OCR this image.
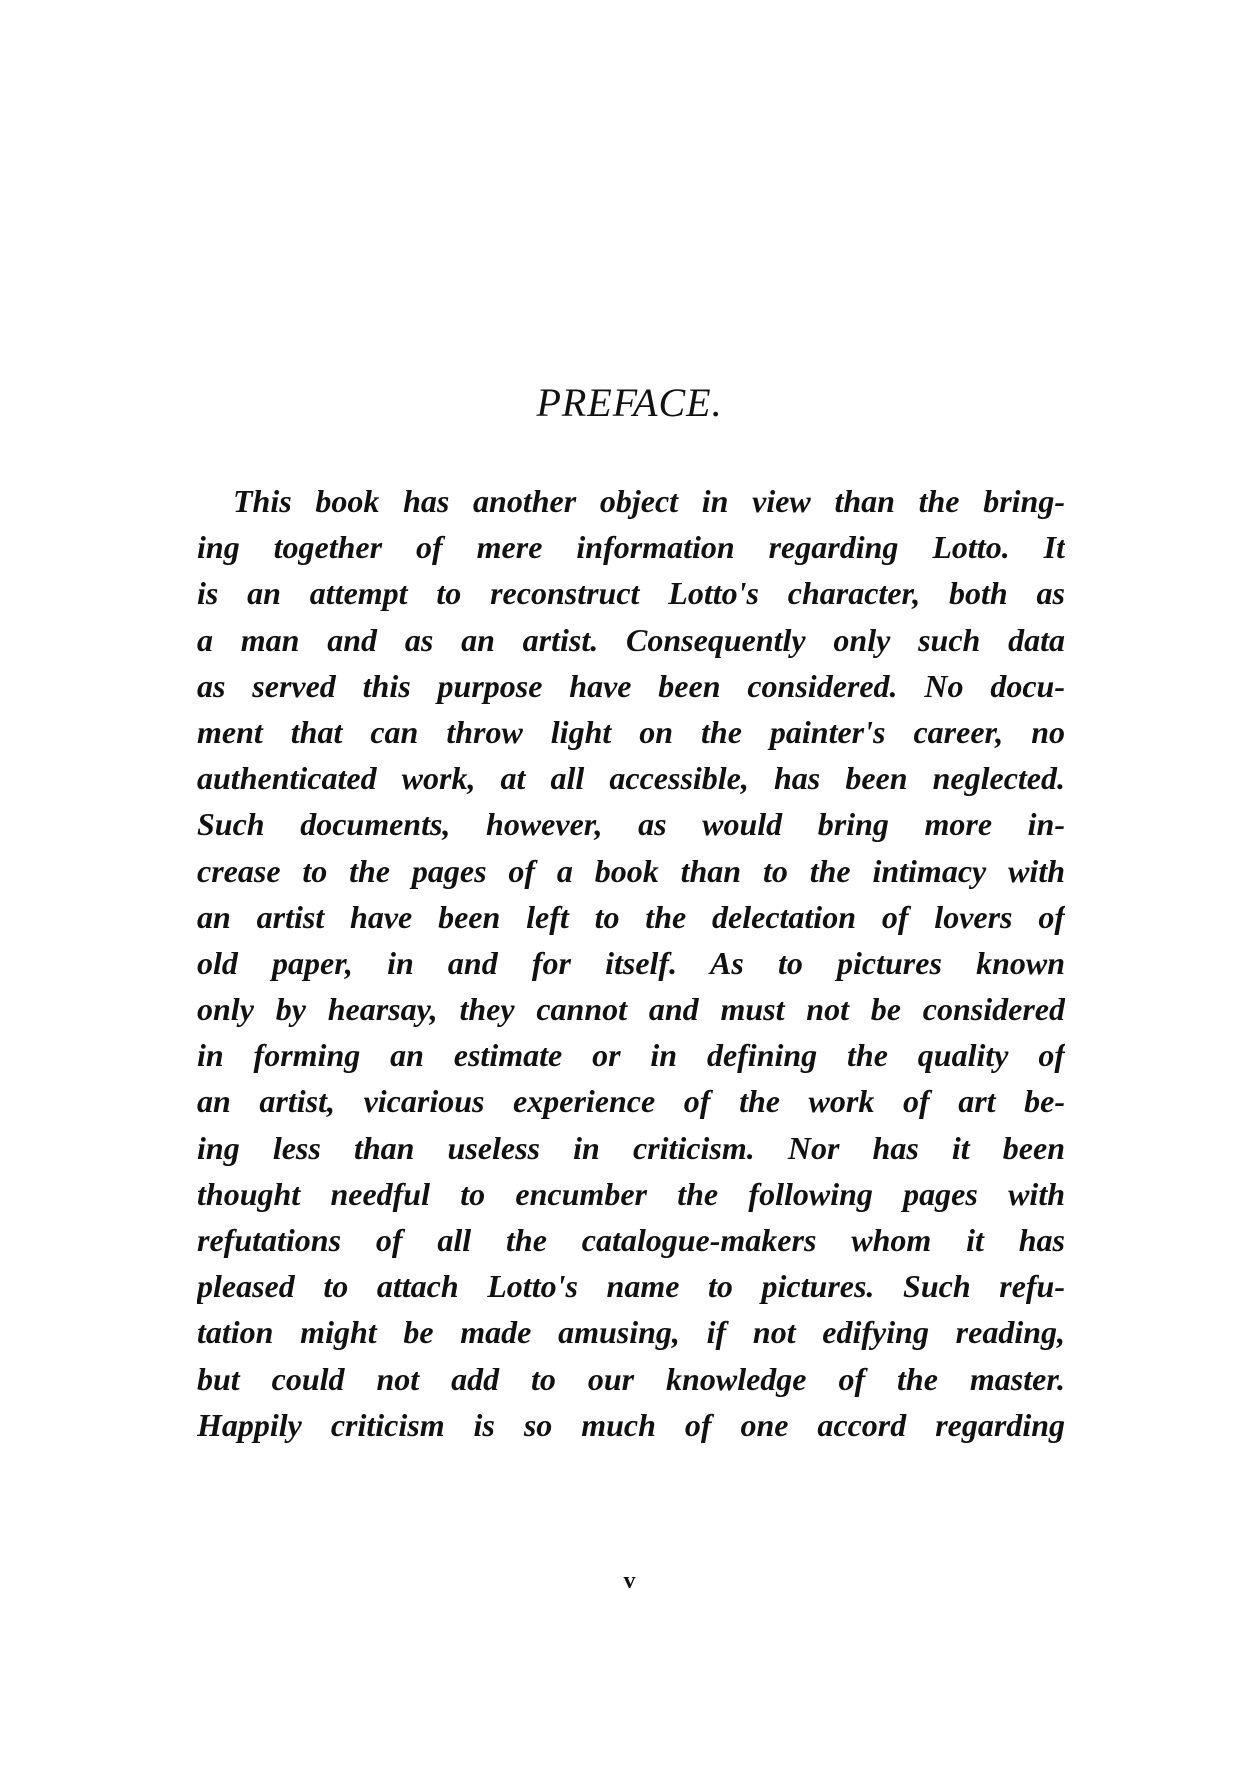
PREFACE.
This book has another object in view than the bring-
ing together of mere information regarding Lotto. It
is an attempt to reconstruct Lotto's character, both as
a man and as an artist. Consequently only such data
as served this purpose have been considered. No docu-
ment that can throw light on the painter's career, no
authenticated work, at all accessible, has been neglected.
Such documents, however, as would bring more in-
crease to the pages of a book than to the intimacy with
an artist have been left to the delectation of lovers of
old paper, in and for itself. As to pictures known
only by hearsay, they cannot and must not be considered
in forming an estimate or in defining the quality of
an artist, vicarious experience of the work of art be-
ing less than useless in criticism. Nor has it been
thought needful to encumber the following pages with
refutations of all the catalogue-makers whom it has
pleased to attach Lotto's name to pictures. Such refu-
tation might be made amusing, if not edifying reading,
but could not add to our knowledge of the master.
Happily criticism is so much of one accord regarding
v
